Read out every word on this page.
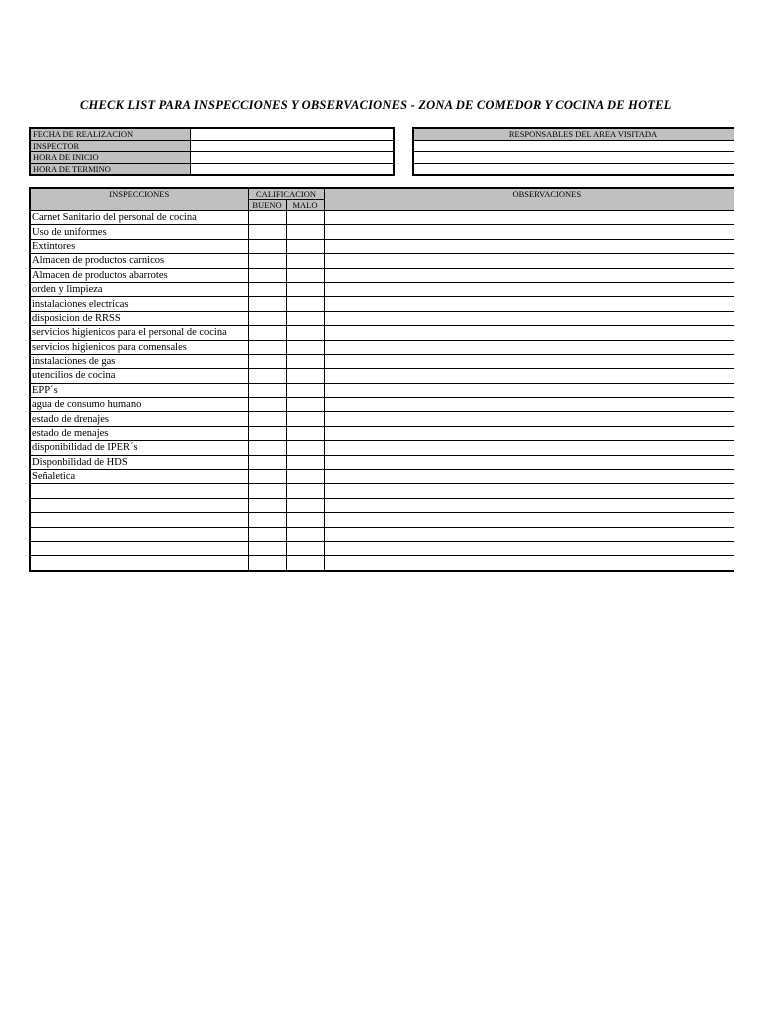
CHECK LIST PARA INSPECCIONES Y OBSERVACIONES - ZONA DE COMEDOR Y COCINA DE HOTEL
FECHA DE REALIZACION	
INSPECTOR	
HORA DE INICIO	
HORA DE TERMINO	
RESPONSABLES DEL AREA VISITADA

INSPECCIONES	CALIFICACION		OBSERVACIONES
	BUENO	MALO	
Carnet Sanitario del personal de cocina			
Uso de uniformes			
Extintores			
Almacen de productos carnicos			
Almacen de productos abarrotes			
orden y limpieza			
instalaciones electricas			
disposicion de RRSS			
servicios higienicos para el personal de cocina			
servicios higienicos para comensales			
instalaciones de gas			
utencilios de cocina			
EPP´s			
agua de consumo humano			
estado de drenajes			
estado de menajes			
disponibilidad de IPER´s			
Disponbilidad de HDS			
Señaletica			
